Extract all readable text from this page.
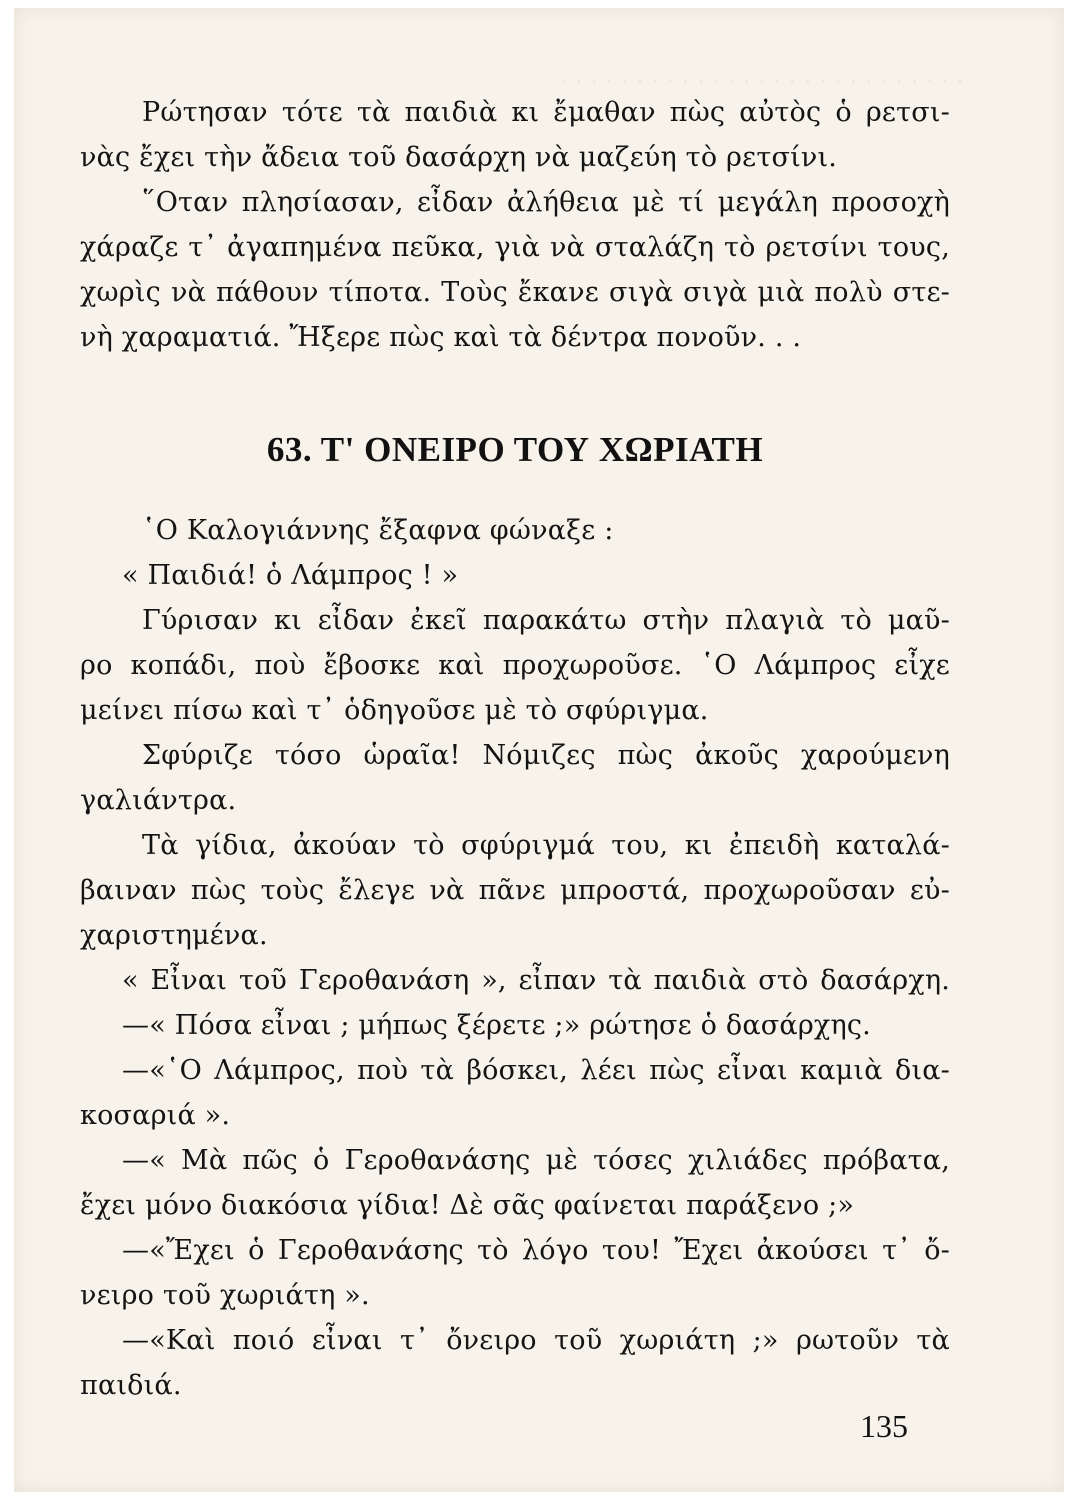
· · · · · · · · · · · · · · · · · · · · · · · · · · ·
Ρώτησαν τότε τὰ παιδιὰ κι ἔμαθαν πὼς αὐτὸς ὁ ρετσι-
νὰς ἔχει τὴν ἄδεια τοῦ δασάρχη νὰ μαζεύη τὸ ρετσίνι.
῞Οταν πλησίασαν, εἶδαν ἀλήθεια μὲ τί μεγάλη προσοχὴ
χάραζε τ᾿ ἀγαπημένα πεῦκα, γιὰ νὰ σταλάζη τὸ ρετσίνι τους,
χωρὶς νὰ πάθουν τίποτα. Τοὺς ἔκανε σιγὰ σιγὰ μιὰ πολὺ στε-
νὴ χαραματιά. Ἤξερε πὼς καὶ τὰ δέντρα πονοῦν. . .
63. Τ' ΟΝΕΙΡΟ ΤΟΥ ΧΩΡΙΑΤΗ
῾Ο Καλογιάννης ἔξαφνα φώναξε :
« Παιδιά! ὁ Λάμπρος ! »
Γύρισαν κι εἶδαν ἐκεῖ παρακάτω στὴν πλαγιὰ τὸ μαῦ-
ρο κοπάδι, ποὺ ἔβοσκε καὶ προχωροῦσε. ῾Ο Λάμπρος εἶχε
μείνει πίσω καὶ τ᾿ ὁδηγοῦσε μὲ τὸ σφύριγμα.
Σφύριζε τόσο ὡραῖα! Νόμιζες πὼς ἀκοῦς χαρούμενη
γαλιάντρα.
Τὰ γίδια, ἀκούαν τὸ σφύριγμά του, κι ἐπειδὴ καταλά-
βαιναν πὼς τοὺς ἔλεγε νὰ πᾶνε μπροστά, προχωροῦσαν εὐ-
χαριστημένα.
« Εἶναι τοῦ Γεροθανάση », εἶπαν τὰ παιδιὰ στὸ δασάρχη.
—« Πόσα εἶναι ; μήπως ξέρετε ;» ρώτησε ὁ δασάρχης.
—«῾Ο Λάμπρος, ποὺ τὰ βόσκει, λέει πὼς εἶναι καμιὰ δια-
κοσαριά ».
—« Μὰ πῶς ὁ Γεροθανάσης μὲ τόσες χιλιάδες πρόβατα,
ἔχει μόνο διακόσια γίδια! Δὲ σᾶς φαίνεται παράξενο ;»
—«Ἔχει ὁ Γεροθανάσης τὸ λόγο του! Ἔχει ἀκούσει τ᾿ ὄ-
νειρο τοῦ χωριάτη ».
—«Καὶ ποιό εἶναι τ᾿ ὄνειρο τοῦ χωριάτη ;» ρωτοῦν τὰ
παιδιά.
135
